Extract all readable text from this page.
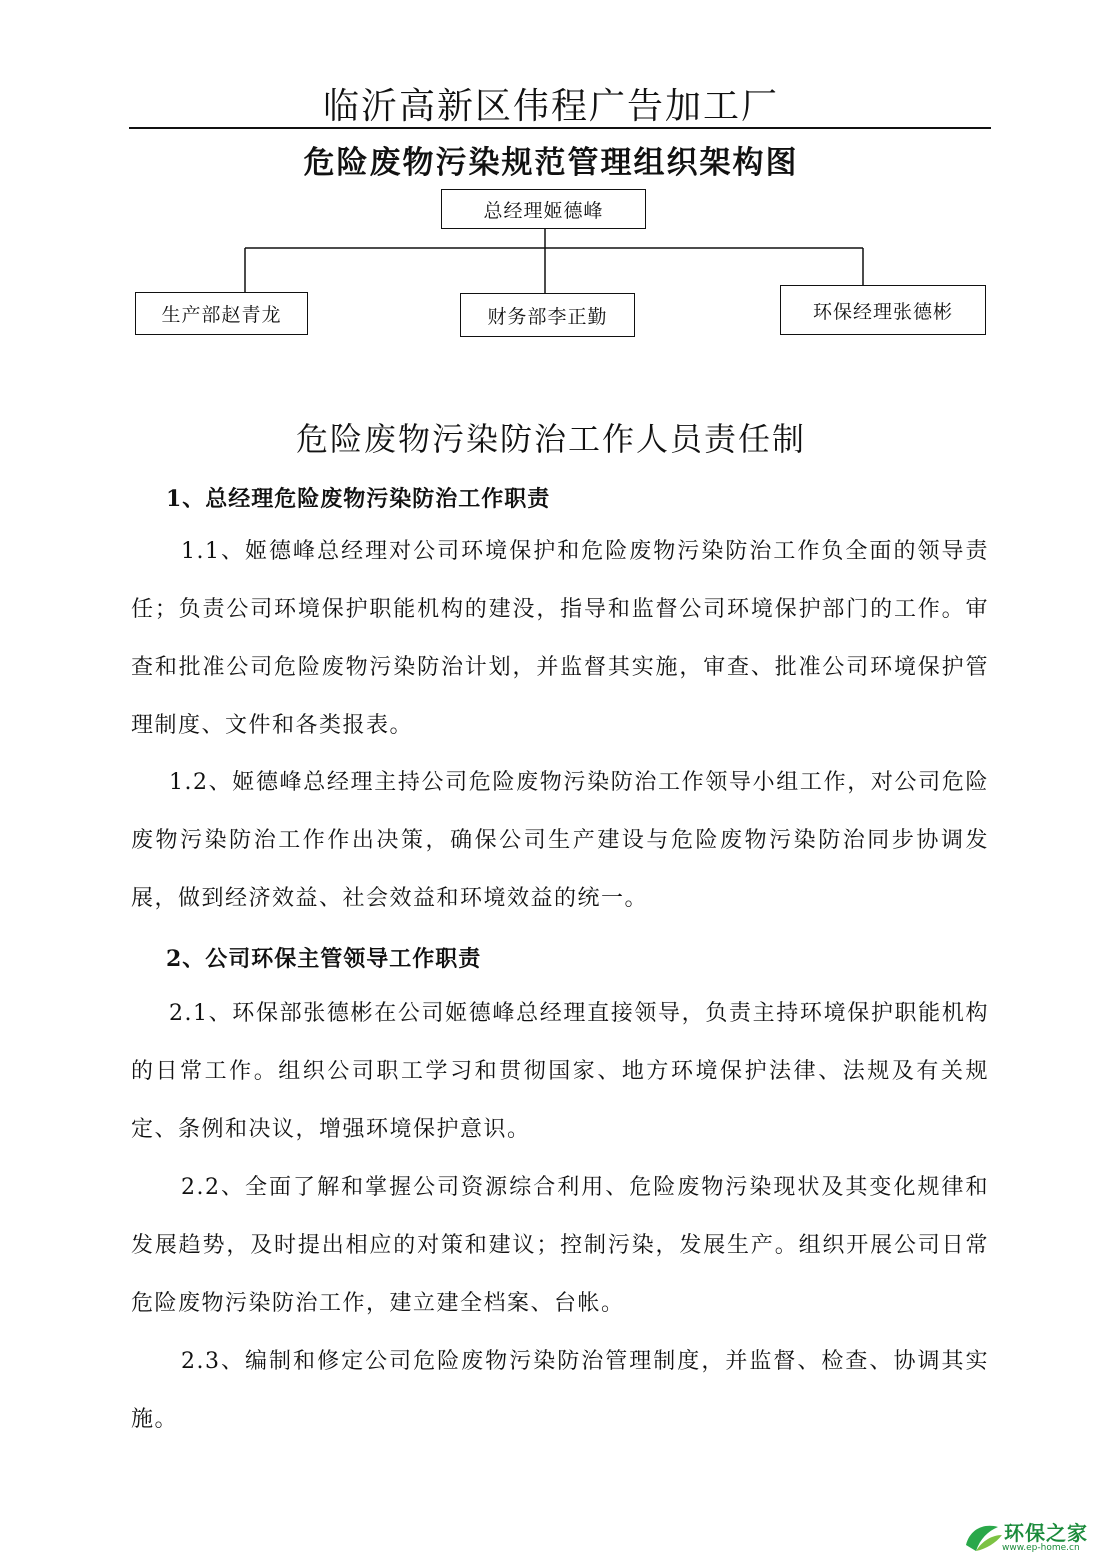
临沂高新区伟程广告加工厂
危险废物污染规范管理组织架构图
总经理姬德峰
生产部赵青龙	财务部李正勤	环保经理张德彬
危险废物污染防治工作人员责任制
1、总经理危险废物污染防治工作职责

1.1、姬德峰总经理对公司环境保护和危险废物污染防治工作负全面的领导责任；负责公司环境保护职能机构的建没，指导和监督公司环境保护部门的工作。审查和批准公司危险废物污染防治计划，并监督其实施，审查、批准公司环境保护管理制度、文件和各类报表。

1.2、姬德峰总经理主持公司危险废物污染防治工作领导小组工作，对公司危险废物污染防治工作作出决策，确保公司生产建设与危险废物污染防治同步协调发展，做到经济效益、社会效益和环境效益的统一。

2、公司环保主管领导工作职责

2.1、环保部张德彬在公司姬德峰总经理直接领导，负责主持环境保护职能机构的日常工作。组织公司职工学习和贯彻国家、地方环境保护法律、法规及有关规定、条例和决议，增强环境保护意识。

2.2、全面了解和掌握公司资源综合利用、危险废物污染现状及其变化规律和发展趋势，及时提出相应的对策和建议；控制污染，发展生产。组织开展公司日常危险废物污染防治工作，建立建全档案、台帐。

2.3、编制和修定公司危险废物污染防治管理制度，并监督、检查、协调其实施。

环保之家
www.ep-home.cn
